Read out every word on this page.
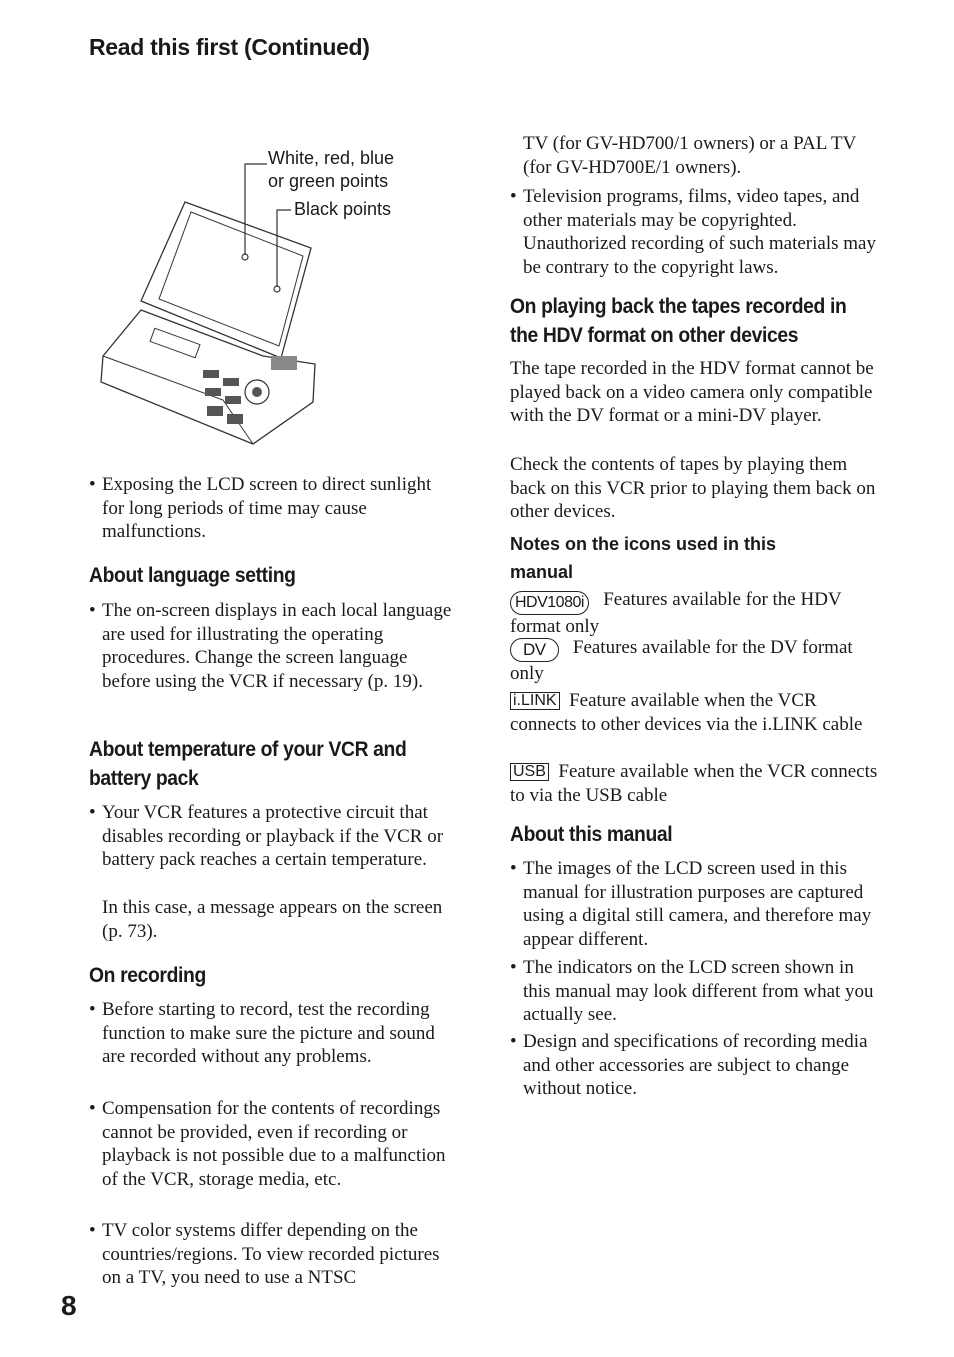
Read this first (Continued)
White, red, blue
or green points
Black points

• Exposing the LCD screen to direct sunlight for long periods of time may cause malfunctions.

About language setting

• The on-screen displays in each local language are used for illustrating the operating procedures. Change the screen language before using the VCR if necessary (p. 19).

About temperature of your VCR and
battery pack

• Your VCR features a protective circuit that disables recording or playback if the VCR or battery pack reaches a certain temperature.

In this case, a message appears on the screen (p. 73).

On recording

• Before starting to record, test the recording function to make sure the picture and sound are recorded without any problems.

• Compensation for the contents of recordings cannot be provided, even if recording or playback is not possible due to a malfunction of the VCR, storage media, etc.

• TV color systems differ depending on the countries/regions. To view recorded pictures on a TV, you need to use a NTSC

TV (for GV-HD700/1 owners) or a PAL TV (for GV-HD700E/1 owners).

• Television programs, films, video tapes, and other materials may be copyrighted. Unauthorized recording of such materials may be contrary to the copyright laws.

On playing back the tapes recorded in
the HDV format on other devices

The tape recorded in the HDV format cannot be played back on a video camera only compatible with the DV format or a mini-DV player.

Check the contents of tapes by playing them back on this VCR prior to playing them back on other devices.

Notes on the icons used in this
manual

HDV1080i Features available for the HDV format only

DV Features available for the DV format only

i.LINK Feature available when the VCR connects to other devices via the i.LINK cable

USB Feature available when the VCR connects to via the USB cable

About this manual

• The images of the LCD screen used in this manual for illustration purposes are captured using a digital still camera, and therefore may appear different.

• The indicators on the LCD screen shown in this manual may look different from what you actually see.

• Design and specifications of recording media and other accessories are subject to change without notice.

8
